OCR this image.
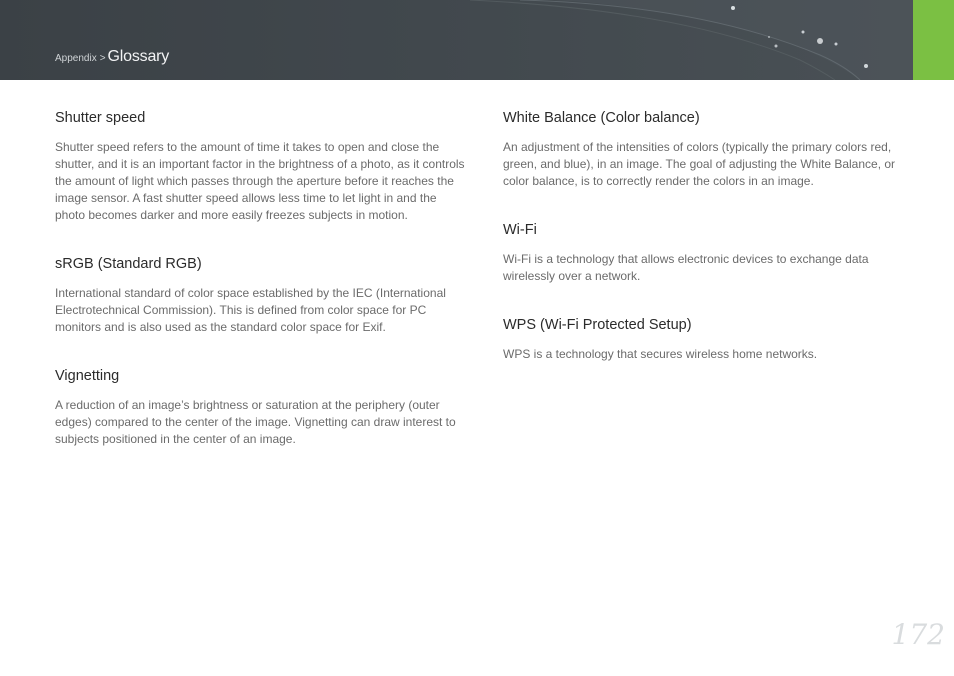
Appendix > Glossary
Shutter speed

Shutter speed refers to the amount of time it takes to open and close the shutter, and it is an important factor in the brightness of a photo, as it controls the amount of light which passes through the aperture before it reaches the image sensor. A fast shutter speed allows less time to let light in and the photo becomes darker and more easily freezes subjects in motion.

sRGB (Standard RGB)

International standard of color space established by the IEC (International Electrotechnical Commission). This is defined from color space for PC monitors and is also used as the standard color space for Exif.

Vignetting

A reduction of an image’s brightness or saturation at the periphery (outer edges) compared to the center of the image. Vignetting can draw interest to subjects positioned in the center of an image.

White Balance (Color balance)

An adjustment of the intensities of colors (typically the primary colors red, green, and blue), in an image. The goal of adjusting the White Balance, or color balance, is to correctly render the colors in an image.

Wi-Fi

Wi-Fi is a technology that allows electronic devices to exchange data wirelessly over a network.

WPS (Wi-Fi Protected Setup)

WPS is a technology that secures wireless home networks.

172
